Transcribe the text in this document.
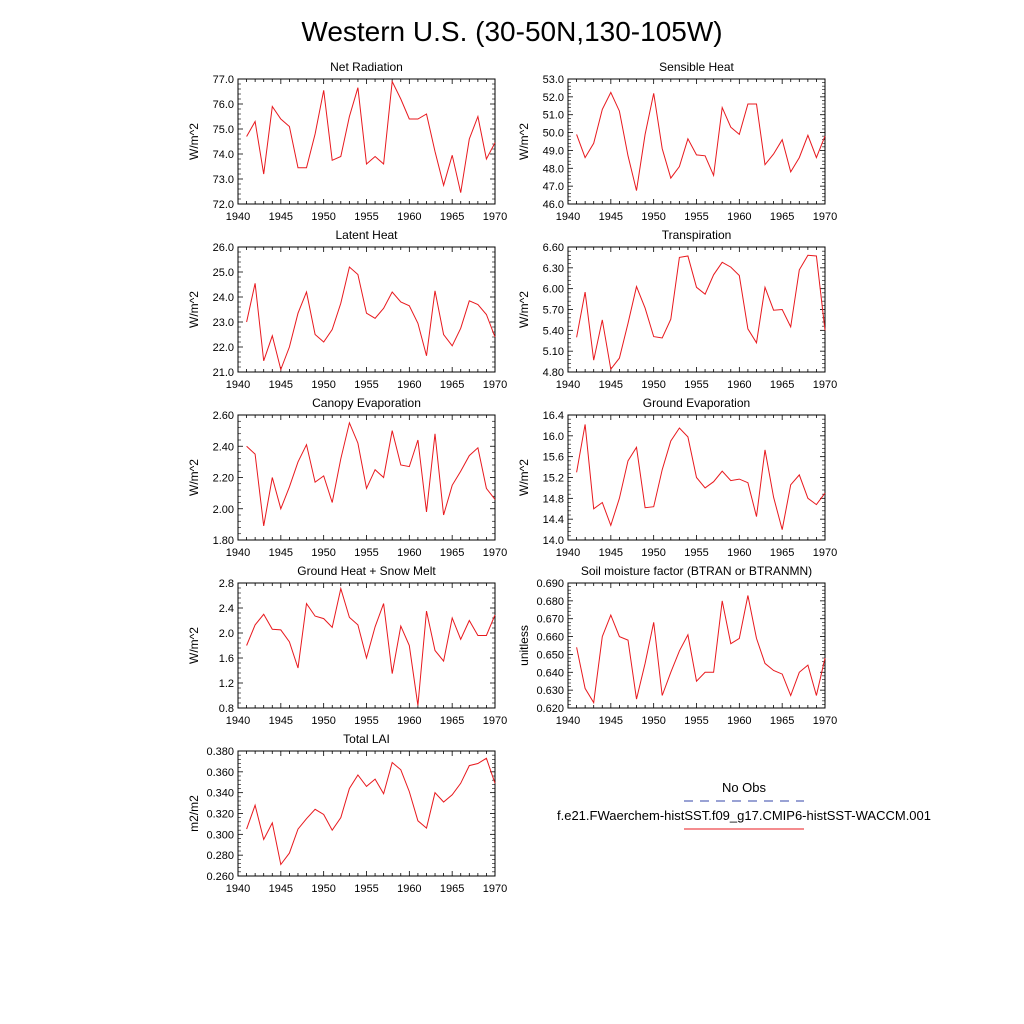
Western U.S. (30-50N,130-105W)
Net Radiation
W/m^2
1940 1945 1950 1955 1960 1965 1970
72.0
73.0
74.0
75.0
76.0
77.0
Sensible Heat
W/m^2
1940 1945 1950 1955 1960 1965 1970
46.0
47.0
48.0
49.0
50.0
51.0
52.0
53.0
Latent Heat
W/m^2
1940 1945 1950 1955 1960 1965 1970
21.0
22.0
23.0
24.0
25.0
26.0
Transpiration
W/m^2
1940 1945 1950 1955 1960 1965 1970
4.80
5.10
5.40
5.70
6.00
6.30
6.60
Canopy Evaporation
W/m^2
1940 1945 1950 1955 1960 1965 1970
1.80
2.00
2.20
2.40
2.60
Ground Evaporation
W/m^2
1940 1945 1950 1955 1960 1965 1970
14.0
14.4
14.8
15.2
15.6
16.0
16.4
Ground Heat + Snow Melt
W/m^2
1940 1945 1950 1955 1960 1965 1970
0.8
1.2
1.6
2.0
2.4
2.8
Soil moisture factor (BTRAN or BTRANMN)
unitless
1940 1945 1950 1955 1960 1965 1970
0.620
0.630
0.640
0.650
0.660
0.670
0.680
0.690
Total LAI
m2/m2
1940 1945 1950 1955 1960 1965 1970
0.260
0.280
0.300
0.320
0.340
0.360
0.380
No Obs
f.e21.FWaerchem-histSST.f09_g17.CMIP6-histSST-WACCM.001
